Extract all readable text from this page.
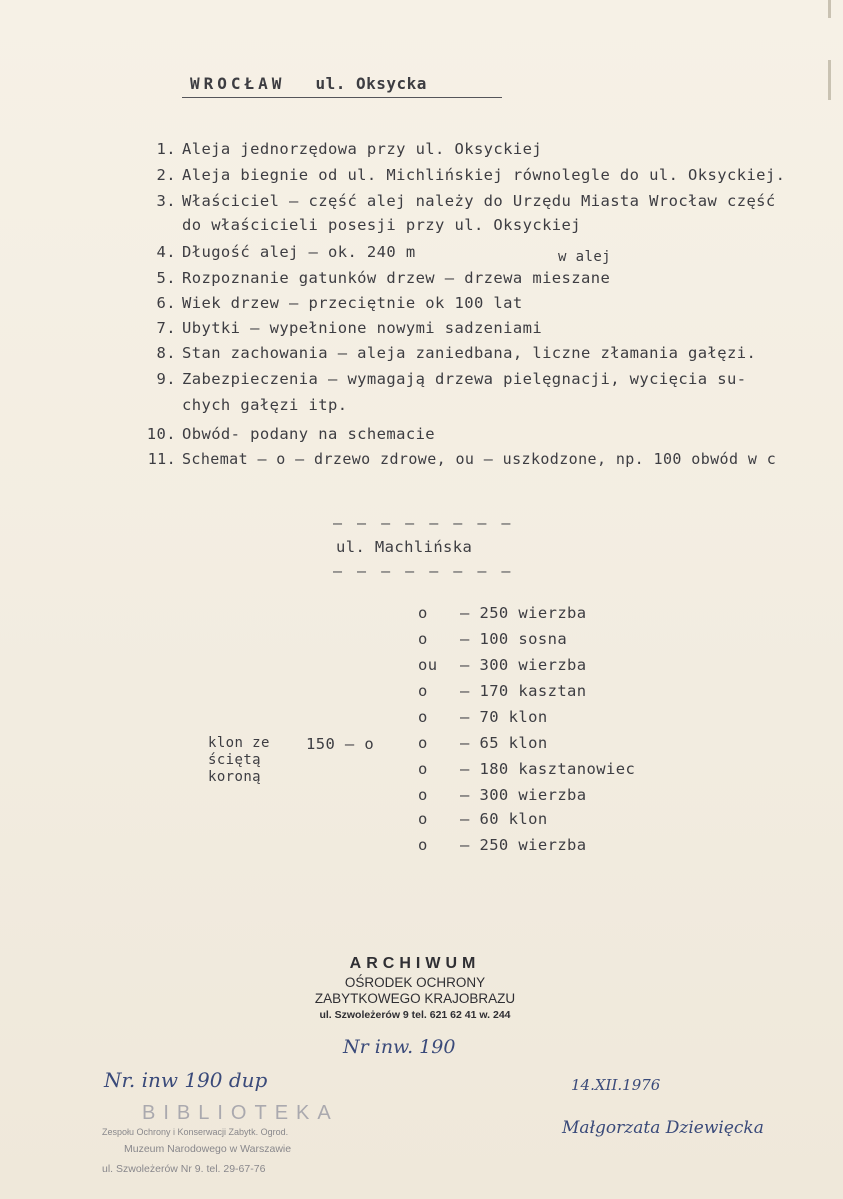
WROCŁAW ul. Oksycka
1. Aleja jednorzędowa przy ul. Oksyckiej
2. Aleja biegnie od ul. Michlińskiej równolegle do ul. Oksyckiej.
3. Właściciel – część alej należy do Urzędu Miasta Wrocław część
do właścicieli posesji przy ul. Oksyckiej
4. Długość alej – ok. 240 m	w alej
5. Rozpoznanie gatunków drzew – drzewa mieszane
6. Wiek drzew – przeciętnie ok 100 lat
7. Ubytki – wypełnione nowymi sadzeniami
8. Stan zachowania – aleja zaniedbana, liczne złamania gałęzi.
9. Zabezpieczenia – wymagają drzewa pielęgnacji, wycięcia su-
chych gałęzi itp.
10. Obwód- podany na schemacie
11. Schemat – o – drzewo zdrowe, ou – uszkodzone, np. 100 obwód w c
— — — — — — — —
ul. Machlińska
— — — — — — — —
o – 250 wierzba
o – 100 sosna
ou – 300 wierzba
o – 170 kasztan
o – 70 klon
o – 65 klon
o – 180 kasztanowiec
o – 300 wierzba
o – 60 klon
o – 250 wierzba
klon ze
ściętą
koroną
150 – o
ARCHIWUM
OŚRODEK OCHRONY
ZABYTKOWEGO KRAJOBRAZU
ul. Szwoleżerów 9 tel. 621 62 41 w. 244
Nr inw. 190
Nr. inw 190 dup	14.XII.1976
Małgorzata Dziewięcka
BIBLIOTEKA
Zespołu Ochrony i Konserwacji Zabytk. Ogrod.
Muzeum Narodowego w Warszawie
ul. Szwoleżerów Nr 9. tel. 29-67-76
